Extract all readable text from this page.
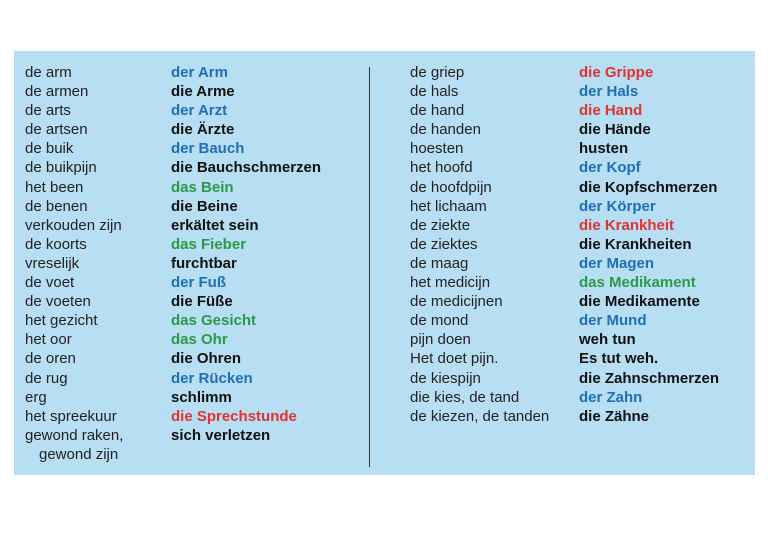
de arm
de armen
de arts
de artsen
de buik
de buikpijn
het been
de benen
verkouden zijn
de koorts
vreselijk
de voet
de voeten
het gezicht
het oor
de oren
de rug
erg
het spreekuur
gewond raken,
gewond zijn
der Arm
die Arme
der Arzt
die Ärzte
der Bauch
die Bauchschmerzen
das Bein
die Beine
erkältet sein
das Fieber
furchtbar
der Fuß
die Füße
das Gesicht
das Ohr
die Ohren
der Rücken
schlimm
die Sprechstunde
sich verletzen
de griep
de hals
de hand
de handen
hoesten
het hoofd
de hoofdpijn
het lichaam
de ziekte
de ziektes
de maag
het medicijn
de medicijnen
de mond
pijn doen
Het doet pijn.
de kiespijn
die kies, de tand
de kiezen, de tanden
die Grippe
der Hals
die Hand
die Hände
husten
der Kopf
die Kopfschmerzen
der Körper
die Krankheit
die Krankheiten
der Magen
das Medikament
die Medikamente
der Mund
weh tun
Es tut weh.
die Zahnschmerzen
der Zahn
die Zähne
